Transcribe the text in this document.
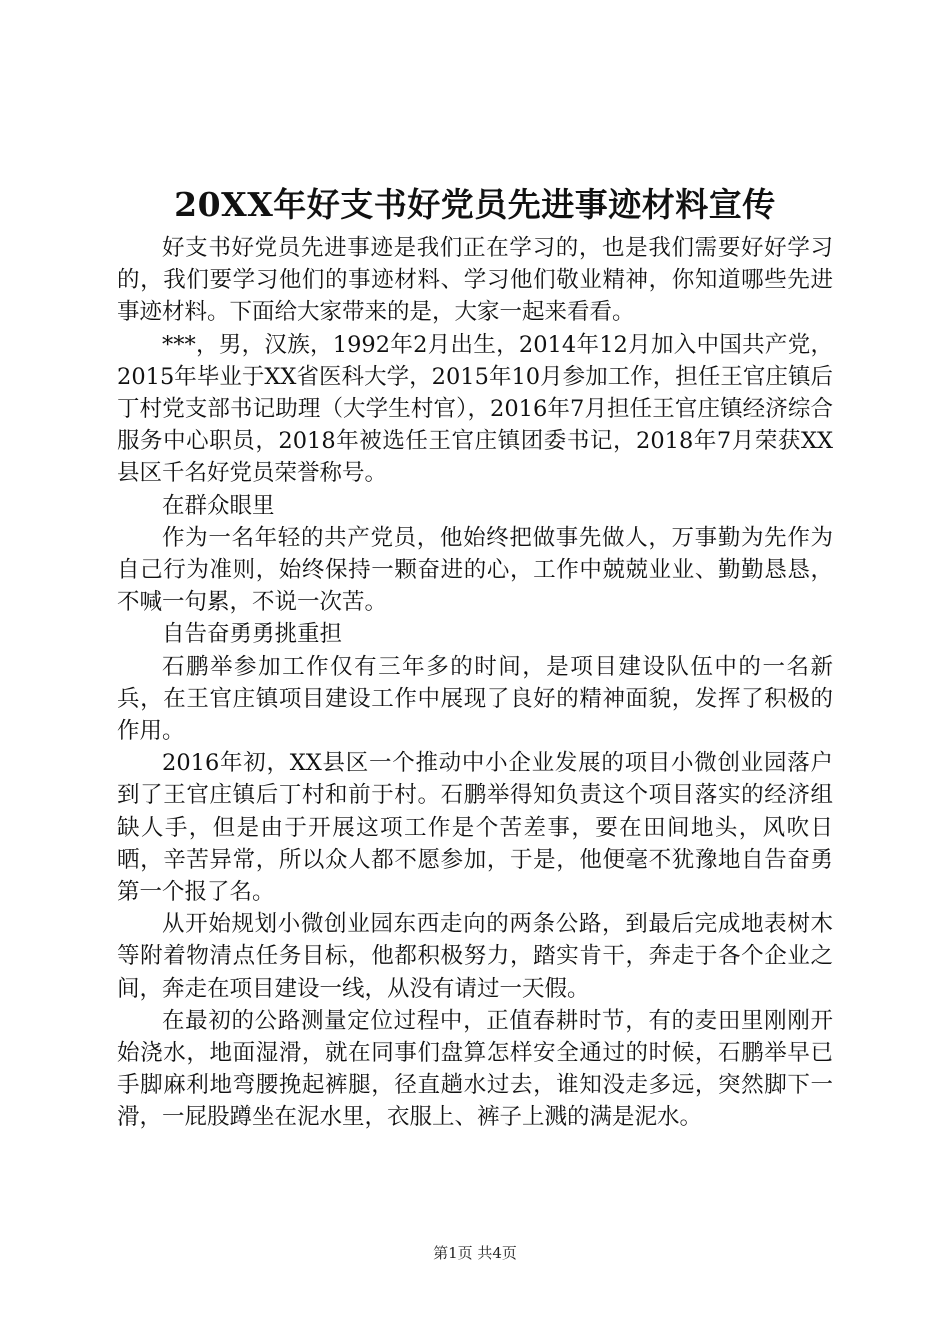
20XX年好支书好党员先进事迹材料宣传

好支书好党员先进事迹是我们正在学习的，也是我们需要好好学习的，我们要学习他们的事迹材料、学习他们敬业精神，你知道哪些先进事迹材料。下面给大家带来的是，大家一起来看看。

***，男，汉族，1992年2月出生，2014年12月加入中国共产党，2015年毕业于XX省医科大学，2015年10月参加工作，担任王官庄镇后丁村党支部书记助理（大学生村官），2016年7月担任王官庄镇经济综合服务中心职员，2018年被选任王官庄镇团委书记，2018年7月荣获XX县区千名好党员荣誉称号。

在群众眼里

作为一名年轻的共产党员，他始终把做事先做人，万事勤为先作为自己行为准则，始终保持一颗奋进的心，工作中兢兢业业、勤勤恳恳，不喊一句累，不说一次苦。

自告奋勇勇挑重担

石鹏举参加工作仅有三年多的时间，是项目建设队伍中的一名新兵，在王官庄镇项目建设工作中展现了良好的精神面貌，发挥了积极的作用。

2016年初，XX县区一个推动中小企业发展的项目小微创业园落户到了王官庄镇后丁村和前于村。石鹏举得知负责这个项目落实的经济组缺人手，但是由于开展这项工作是个苦差事，要在田间地头，风吹日晒，辛苦异常，所以众人都不愿参加，于是，他便毫不犹豫地自告奋勇第一个报了名。

从开始规划小微创业园东西走向的两条公路，到最后完成地表树木等附着物清点任务目标，他都积极努力，踏实肯干，奔走于各个企业之间，奔走在项目建设一线，从没有请过一天假。

在最初的公路测量定位过程中，正值春耕时节，有的麦田里刚刚开始浇水，地面湿滑，就在同事们盘算怎样安全通过的时候，石鹏举早已手脚麻利地弯腰挽起裤腿，径直趟水过去，谁知没走多远，突然脚下一滑，一屁股蹲坐在泥水里，衣服上、裤子上溅的满是泥水。

第1页 共4页
